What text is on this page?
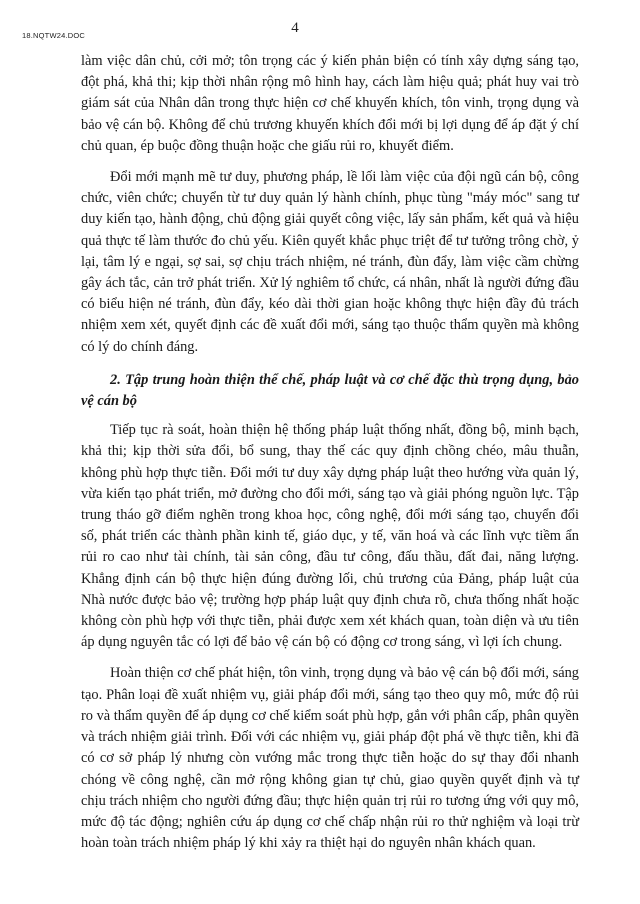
18.NQTW24.DOC	4

làm việc dân chủ, cởi mở; tôn trọng các ý kiến phản biện có tính xây dựng sáng tạo, đột phá, khả thi; kịp thời nhân rộng mô hình hay, cách làm hiệu quả; phát huy vai trò giám sát của Nhân dân trong thực hiện cơ chế khuyến khích, tôn vinh, trọng dụng và bảo vệ cán bộ. Không để chủ trương khuyến khích đổi mới bị lợi dụng để áp đặt ý chí chủ quan, ép buộc đồng thuận hoặc che giấu rủi ro, khuyết điểm.

Đổi mới mạnh mẽ tư duy, phương pháp, lề lối làm việc của đội ngũ cán bộ, công chức, viên chức; chuyển từ tư duy quản lý hành chính, phục tùng "máy móc" sang tư duy kiến tạo, hành động, chủ động giải quyết công việc, lấy sản phẩm, kết quả và hiệu quả thực tế làm thước đo chủ yếu. Kiên quyết khắc phục triệt để tư tưởng trông chờ, ỷ lại, tâm lý e ngại, sợ sai, sợ chịu trách nhiệm, né tránh, đùn đẩy, làm việc cầm chừng gây ách tắc, cản trở phát triển. Xử lý nghiêm tổ chức, cá nhân, nhất là người đứng đầu có biểu hiện né tránh, đùn đẩy, kéo dài thời gian hoặc không thực hiện đầy đủ trách nhiệm xem xét, quyết định các đề xuất đổi mới, sáng tạo thuộc thẩm quyền mà không có lý do chính đáng.

2. Tập trung hoàn thiện thể chế, pháp luật và cơ chế đặc thù trọng dụng, bảo vệ cán bộ

Tiếp tục rà soát, hoàn thiện hệ thống pháp luật thống nhất, đồng bộ, minh bạch, khả thi; kịp thời sửa đổi, bổ sung, thay thế các quy định chồng chéo, mâu thuẫn, không phù hợp thực tiễn. Đổi mới tư duy xây dựng pháp luật theo hướng vừa quản lý, vừa kiến tạo phát triển, mở đường cho đổi mới, sáng tạo và giải phóng nguồn lực. Tập trung tháo gỡ điểm nghẽn trong khoa học, công nghệ, đổi mới sáng tạo, chuyển đổi số, phát triển các thành phần kinh tế, giáo dục, y tế, văn hoá và các lĩnh vực tiềm ẩn rủi ro cao như tài chính, tài sản công, đầu tư công, đấu thầu, đất đai, năng lượng. Khẳng định cán bộ thực hiện đúng đường lối, chủ trương của Đảng, pháp luật của Nhà nước được bảo vệ; trường hợp pháp luật quy định chưa rõ, chưa thống nhất hoặc không còn phù hợp với thực tiễn, phải được xem xét khách quan, toàn diện và ưu tiên áp dụng nguyên tắc có lợi để bảo vệ cán bộ có động cơ trong sáng, vì lợi ích chung.

Hoàn thiện cơ chế phát hiện, tôn vinh, trọng dụng và bảo vệ cán bộ đổi mới, sáng tạo. Phân loại đề xuất nhiệm vụ, giải pháp đổi mới, sáng tạo theo quy mô, mức độ rủi ro và thẩm quyền để áp dụng cơ chế kiểm soát phù hợp, gắn với phân cấp, phân quyền và trách nhiệm giải trình. Đối với các nhiệm vụ, giải pháp đột phá về thực tiễn, khi đã có cơ sở pháp lý nhưng còn vướng mắc trong thực tiễn hoặc do sự thay đổi nhanh chóng về công nghệ, cần mở rộng không gian tự chủ, giao quyền quyết định và tự chịu trách nhiệm cho người đứng đầu; thực hiện quản trị rủi ro tương ứng với quy mô, mức độ tác động; nghiên cứu áp dụng cơ chế chấp nhận rủi ro thử nghiệm và loại trừ hoàn toàn trách nhiệm pháp lý khi xảy ra thiệt hại do nguyên nhân khách quan.
